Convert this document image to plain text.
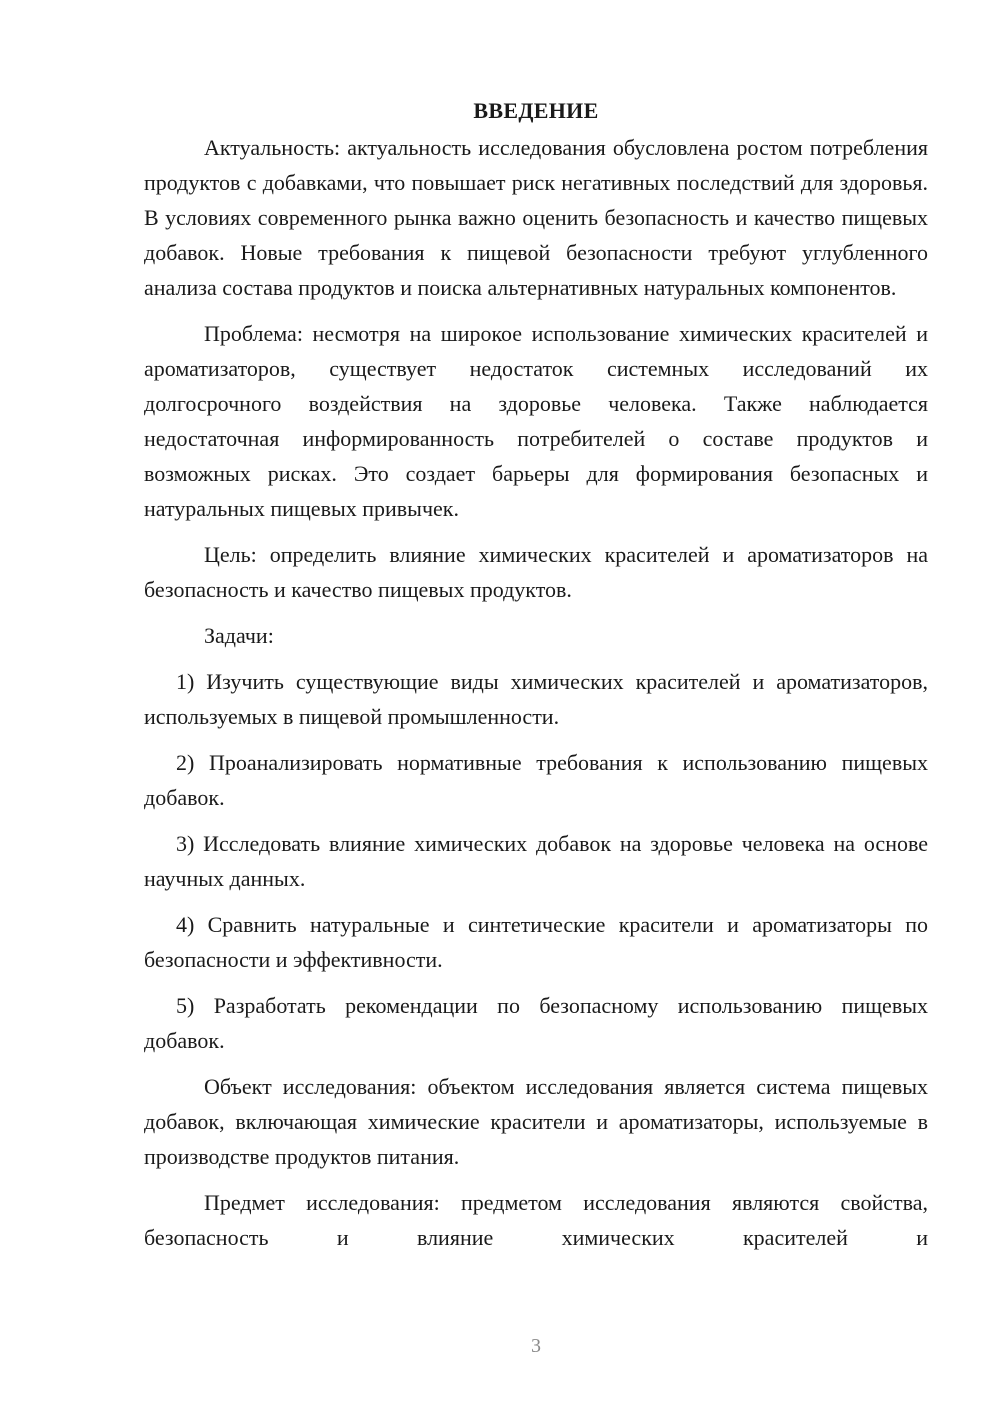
ВВЕДЕНИЕ

Актуальность: актуальность исследования обусловлена ростом потребления продуктов с добавками, что повышает риск негативных последствий для здоровья. В условиях современного рынка важно оценить безопасность и качество пищевых добавок. Новые требования к пищевой безопасности требуют углубленного анализа состава продуктов и поиска альтернативных натуральных компонентов.

Проблема: несмотря на широкое использование химических красителей и ароматизаторов, существует недостаток системных исследований их долгосрочного воздействия на здоровье человека. Также наблюдается недостаточная информированность потребителей о составе продуктов и возможных рисках. Это создает барьеры для формирования безопасных и натуральных пищевых привычек.

Цель: определить влияние химических красителей и ароматизаторов на безопасность и качество пищевых продуктов.

Задачи:

1) Изучить существующие виды химических красителей и ароматизаторов, используемых в пищевой промышленности.

2) Проанализировать нормативные требования к использованию пищевых добавок.

3) Исследовать влияние химических добавок на здоровье человека на основе научных данных.

4) Сравнить натуральные и синтетические красители и ароматизаторы по безопасности и эффективности.

5) Разработать рекомендации по безопасному использованию пищевых добавок.

Объект исследования: объектом исследования является система пищевых добавок, включающая химические красители и ароматизаторы, используемые в производстве продуктов питания.

Предмет исследования: предметом исследования являются свойства, безопасность и влияние химических красителей и

3
